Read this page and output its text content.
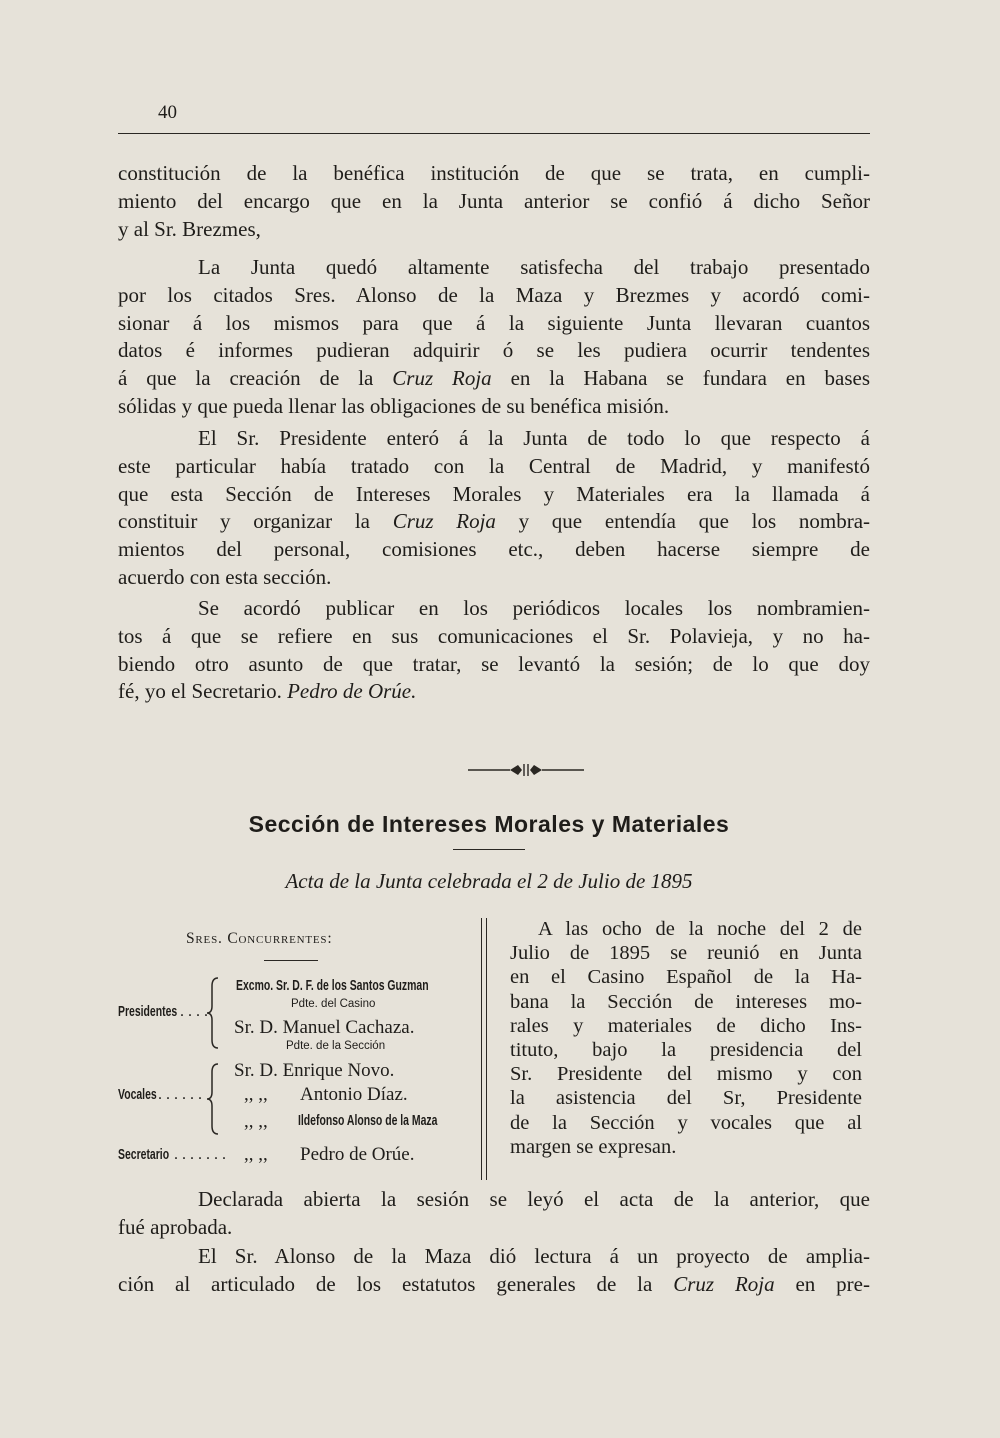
40
constitución de la benéfica institución de que se trata, en cumpli-
miento del encargo que en la Junta anterior se confió á dicho Señor
y al Sr. Brezmes,
La Junta quedó altamente satisfecha del trabajo presentado
por los citados Sres. Alonso de la Maza y Brezmes y acordó comi-
sionar á los mismos para que á la siguiente Junta llevaran cuantos
datos é informes pudieran adquirir ó se les pudiera ocurrir tendentes
á que la creación de la Cruz Roja en la Habana se fundara en bases
sólidas y que pueda llenar las obligaciones de su benéfica misión.
El Sr. Presidente enteró á la Junta de todo lo que respecto á
este particular había tratado con la Central de Madrid, y manifestó
que esta Sección de Intereses Morales y Materiales era la llamada á
constituir y organizar la Cruz Roja y que entendía que los nombra-
mientos del personal, comisiones etc., deben hacerse siempre de
acuerdo con esta sección.
Se acordó publicar en los periódicos locales los nombramien-
tos á que se refiere en sus comunicaciones el Sr. Polavieja, y no ha-
biendo otro asunto de que tratar, se levantó la sesión; de lo que doy
fé, yo el Secretario. Pedro de Orúe.
Sección de Intereses Morales y Materiales
Acta de la Junta celebrada el 2 de Julio de 1895
Sres. Concurrentes:
Presidentes . . . .
Excmo. Sr. D. F. de los Santos Guzman
Pdte. del Casino
Sr. D. Manuel Cachaza.
Pdte. de la Sección
Vocales . . . . . .
Sr. D. Enrique Novo.
,, ,, Antonio Díaz.
,, ,, Ildefonso Alonso de la Maza
Secretario . . . . . . . ,, ,, Pedro de Orúe.
A las ocho de la noche del 2 de
Julio de 1895 se reunió en Junta
en el Casino Español de la Ha-
bana la Sección de intereses mo-
rales y materiales de dicho Ins-
tituto, bajo la presidencia del
Sr. Presidente del mismo y con
la asistencia del Sr, Presidente
de la Sección y vocales que al
margen se expresan.
Declarada abierta la sesión se leyó el acta de la anterior, que
fué aprobada.
El Sr. Alonso de la Maza dió lectura á un proyecto de amplia-
ción al articulado de los estatutos generales de la Cruz Roja en pre-
